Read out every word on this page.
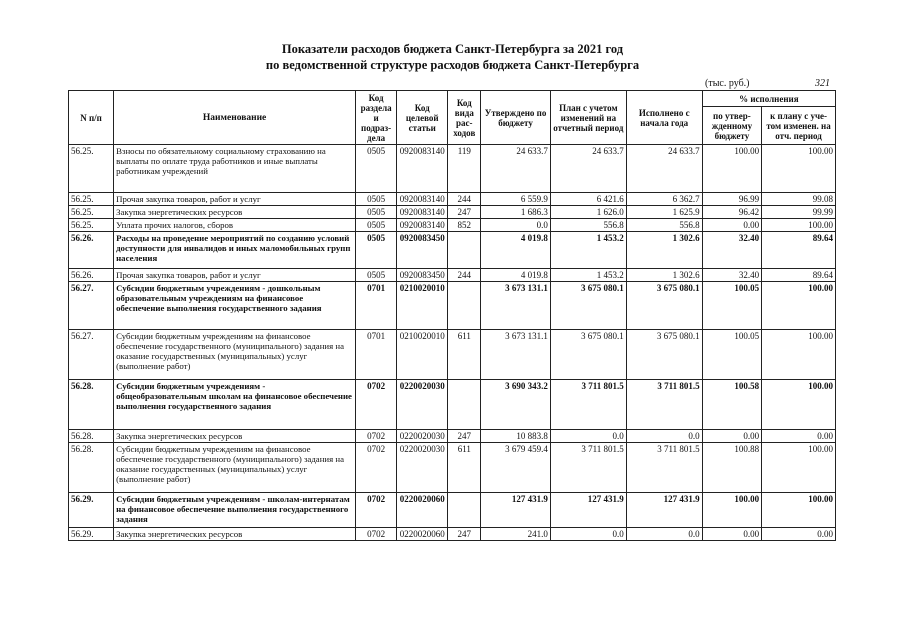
Показатели расходов бюджета Санкт-Петербурга за 2021 год
по ведомственной структуре расходов бюджета Санкт-Петербурга
(тыс. руб.)	321
N п/п	Наименование	Код раздела и подраз-дела	Код целевой статьи	Код вида рас-ходов	Утверждено по бюджету	План с учетом изменений на отчетный период	Исполнено с начала года	% исполнения	
								по утвер-жденному бюджету	к плану с уче-том изменен. на отч. период
56.25.	Взносы по обязательному социальному страхованию на выплаты по оплате труда работников и иные выплаты работникам учреждений	0505	0920083140	119	24 633.7	24 633.7	24 633.7	100.00	100.00
56.25.	Прочая закупка товаров, работ и услуг	0505	0920083140	244	6 559.9	6 421.6	6 362.7	96.99	99.08
56.25.	Закупка энергетических ресурсов	0505	0920083140	247	1 686.3	1 626.0	1 625.9	96.42	99.99
56.25.	Уплата прочих налогов, сборов	0505	0920083140	852	0.0	556.8	556.8	0.00	100.00
56.26.	Расходы на проведение мероприятий по созданию условий доступности для инвалидов и иных маломобильных групп населения	0505	0920083450		4 019.8	1 453.2	1 302.6	32.40	89.64
56.26.	Прочая закупка товаров, работ и услуг	0505	0920083450	244	4 019.8	1 453.2	1 302.6	32.40	89.64
56.27.	Субсидии бюджетным учреждениям - дошкольным образовательным учреждениям на финансовое обеспечение выполнения государственного задания	0701	0210020010		3 673 131.1	3 675 080.1	3 675 080.1	100.05	100.00
56.27.	Субсидии бюджетным учреждениям на финансовое обеспечение государственного (муниципального) задания на оказание государственных (муниципальных) услуг (выполнение работ)	0701	0210020010	611	3 673 131.1	3 675 080.1	3 675 080.1	100.05	100.00
56.28.	Субсидии бюджетным учреждениям - общеобразовательным школам на финансовое обеспечение выполнения государственного задания	0702	0220020030		3 690 343.2	3 711 801.5	3 711 801.5	100.58	100.00
56.28.	Закупка энергетических ресурсов	0702	0220020030	247	10 883.8	0.0	0.0	0.00	0.00
56.28.	Субсидии бюджетным учреждениям на финансовое обеспечение государственного (муниципального) задания на оказание государственных (муниципальных) услуг (выполнение работ)	0702	0220020030	611	3 679 459.4	3 711 801.5	3 711 801.5	100.88	100.00
56.29.	Субсидии бюджетным учреждениям - школам-интернатам на финансовое обеспечение выполнения государственного задания	0702	0220020060		127 431.9	127 431.9	127 431.9	100.00	100.00
56.29.	Закупка энергетических ресурсов	0702	0220020060	247	241.0	0.0	0.0	0.00	0.00
